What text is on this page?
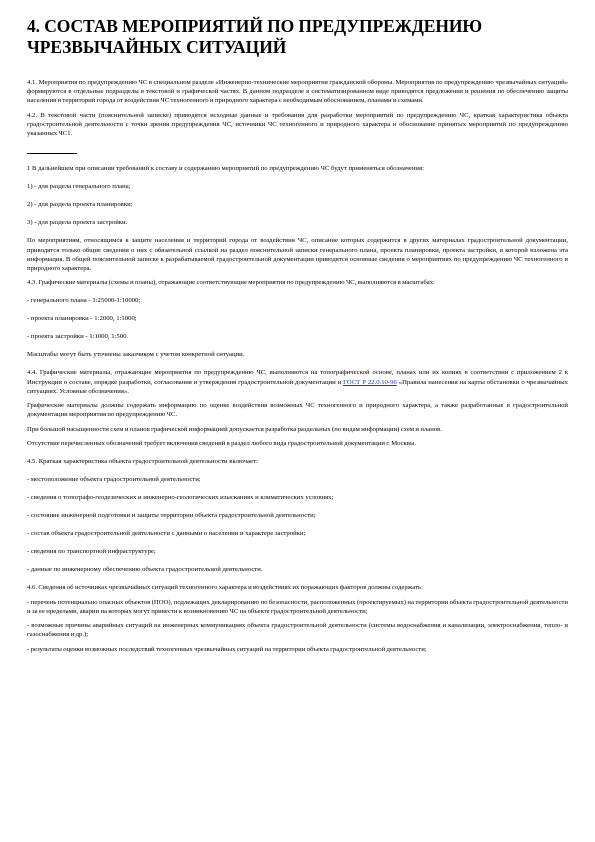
4. СОСТАВ МЕРОПРИЯТИЙ ПО ПРЕДУПРЕЖДЕНИЮ ЧРЕЗВЫЧАЙНЫХ СИТУАЦИЙ

4.1. Мероприятия по предупреждению ЧС в специальном разделе «Инженерно-технические мероприятия гражданской обороны. Мероприятия по предупреждению чрезвычайных ситуаций» формируются в отдельные подразделы в текстовой и графической частях. В данном подразделе в систематизированном виде приводятся предложения и решения по обеспечению защиты населения и территорий города от воздействия ЧС техногенного и природного характера с необходимым обоснованием, планами и схемами.

4.2. В текстовой части (пояснительной записке) приводятся исходные данные и требования для разработки мероприятий по предупреждению ЧС, краткая характеристика объекта градостроительной деятельности с точки зрения предупреждения ЧС, источники ЧС техногенного и природного характера и обоснование принятых мероприятий по предупреждению указанных ЧС1.

1 В дальнейшем при описании требований к составу и содержанию мероприятий по предупреждению ЧС будут применяться обозначения:

1) - для раздела генерального плана;

2) - для раздела проекта планировки;

3) - для раздела проекта застройки.

По мероприятиям, относящимся к защите населения и территорий города от воздействия ЧС, описание которых содержится в других материалах градостроительной документации, приводятся только общие сведения о них с обязательной ссылкой на раздел пояснительной записки генерального плана, проекта планировки, проекта застройки, в которой изложена эта информация. В общей пояснительной записке к разрабатываемой градостроительной документации приводятся основные сведения о мероприятиях по предупреждению ЧС техногенного и природного характера.

4.3. Графические материалы (схемы и планы), отражающие соответствующие мероприятия по предупреждению ЧС, выполняются в масштабах:

- генерального плана - 1:25000-1:10000;

- проекта планировки - 1:2000, 1:1000;

- проекта застройки - 1:1000, 1:500.

Масштабы могут быть уточнены заказчиком с учетом конкретной ситуации.

4.4. Графические материалы, отражающие мероприятия по предупреждению ЧС, выполняются на топографической основе, планах или их копиях в соответствии с приложением 2 к Инструкции о составе, порядке разработки, согласования и утверждения градостроительной документации и ГОСТ Р 22.0.10-96 «Правила нанесения на карты обстановки о чрезвычайных ситуациях. Условные обозначения».

Графические материалы должны содержать информацию по оценке воздействия возможных ЧС техногенного и природного характера, а также разработанные в градостроительной документации мероприятия по предупреждению ЧС.

При большой насыщенности схем и планов графической информацией допускается разработка раздельных (по видам информации) схем и планов.

Отсутствие перечисленных обозначений требует включения сведений в раздел любого вида градостроительной документации г. Москвы.

4.5. Краткая характеристика объекта градостроительной деятельности включает:

- местоположение объекта градостроительной деятельности;

- сведения о топографо-геодезических и инженерно-геологических изысканиях и климатических условиях;

- состояние инженерной подготовки и защиты территории объекта градостроительной деятельности;

- состав объекта градостроительной деятельности с данными о населении и характере застройки;

- сведения по транспортной инфраструктуре;

- данные по инженерному обеспечению объекта градостроительной деятельности.

4.6. Сведения об источниках чрезвычайных ситуаций техногенного характера и воздействиях их поражающих факторов должны содержать:

- перечень потенциально опасных объектов (ПОО), подлежащих декларированию по безопасности, расположенных (проектируемых) на территории объекта градостроительной деятельности и за ее пределами, аварии на которых могут привести к возникновению ЧС на объекте градостроительной деятельности;

- возможные причины аварийных ситуаций на инженерных коммуникациях объекта градостроительной деятельности (системы водоснабжения и канализации, электроснабжения, тепло- и газоснабжения и др.);

- результаты оценки возможных последствий техногенных чрезвычайных ситуаций на территории объекта градостроительной деятельности;
